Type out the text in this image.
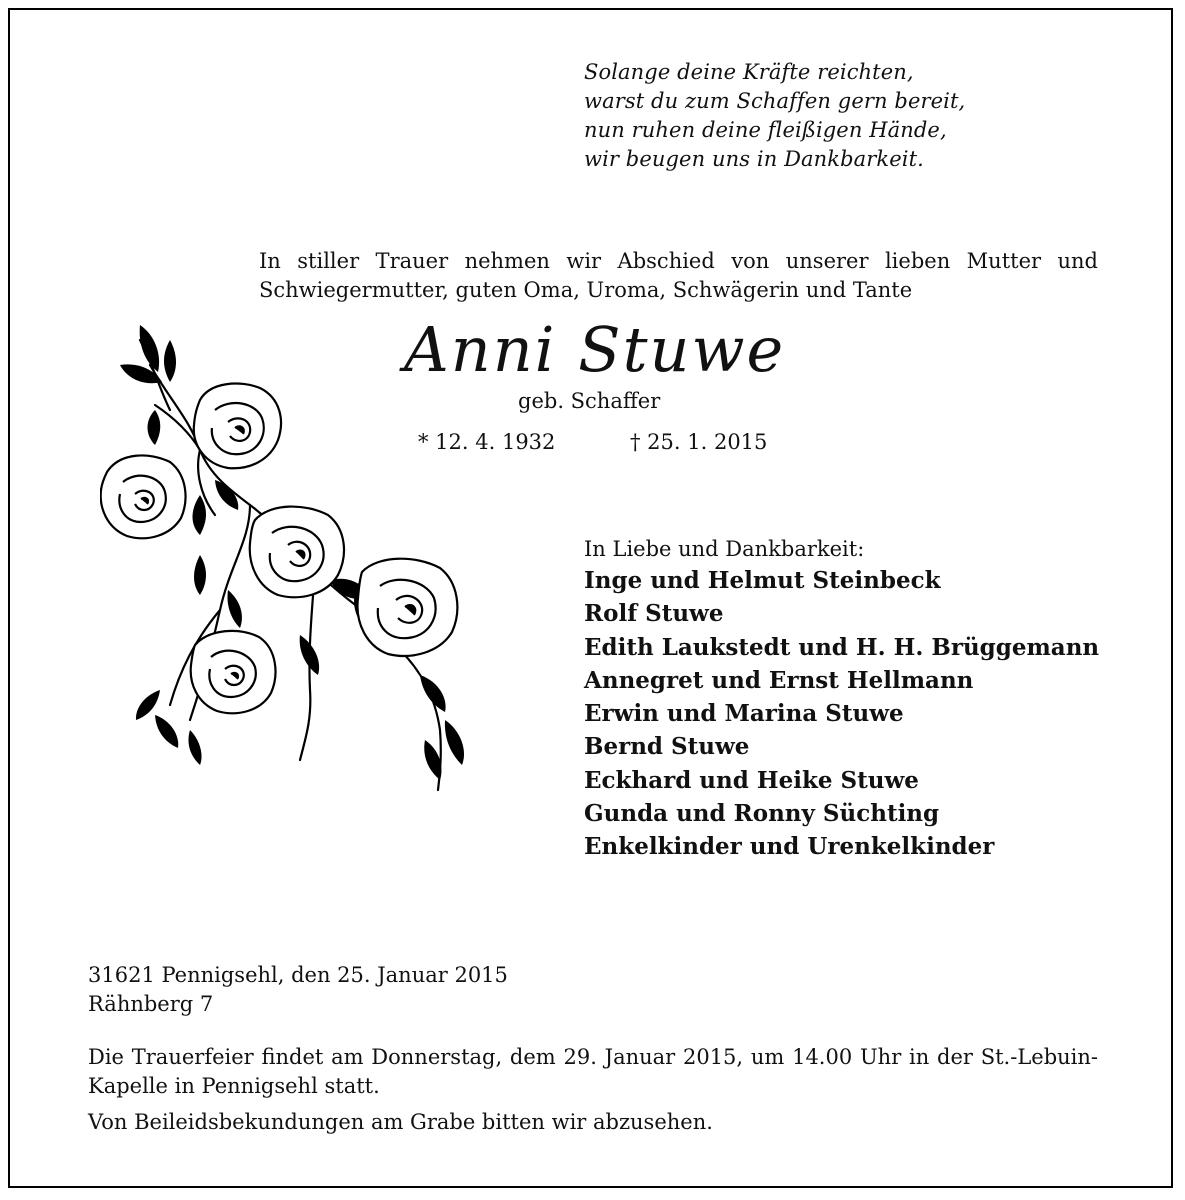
Solange deine Kräfte reichten,
warst du zum Schaffen gern bereit,
nun ruhen deine fleißigen Hände,
wir beugen uns in Dankbarkeit.
In stiller Trauer nehmen wir Abschied von unserer lieben Mutter und Schwiegermutter, guten Oma, Uroma, Schwägerin und Tante
Anni Stuwe
geb. Schaffer
* 12. 4. 1932	† 25. 1. 2015
In Liebe und Dankbarkeit:
Inge und Helmut Steinbeck
Rolf Stuwe
Edith Laukstedt und H. H. Brüggemann
Annegret und Ernst Hellmann
Erwin und Marina Stuwe
Bernd Stuwe
Eckhard und Heike Stuwe
Gunda und Ronny Süchting
Enkelkinder und Urenkelkinder
31621 Pennigsehl, den 25. Januar 2015
Rähnberg 7
Die Trauerfeier findet am Donnerstag, dem 29. Januar 2015, um 14.00 Uhr in der St.-Lebuin-Kapelle in Pennigsehl statt.
Von Beileidsbekundungen am Grabe bitten wir abzusehen.
